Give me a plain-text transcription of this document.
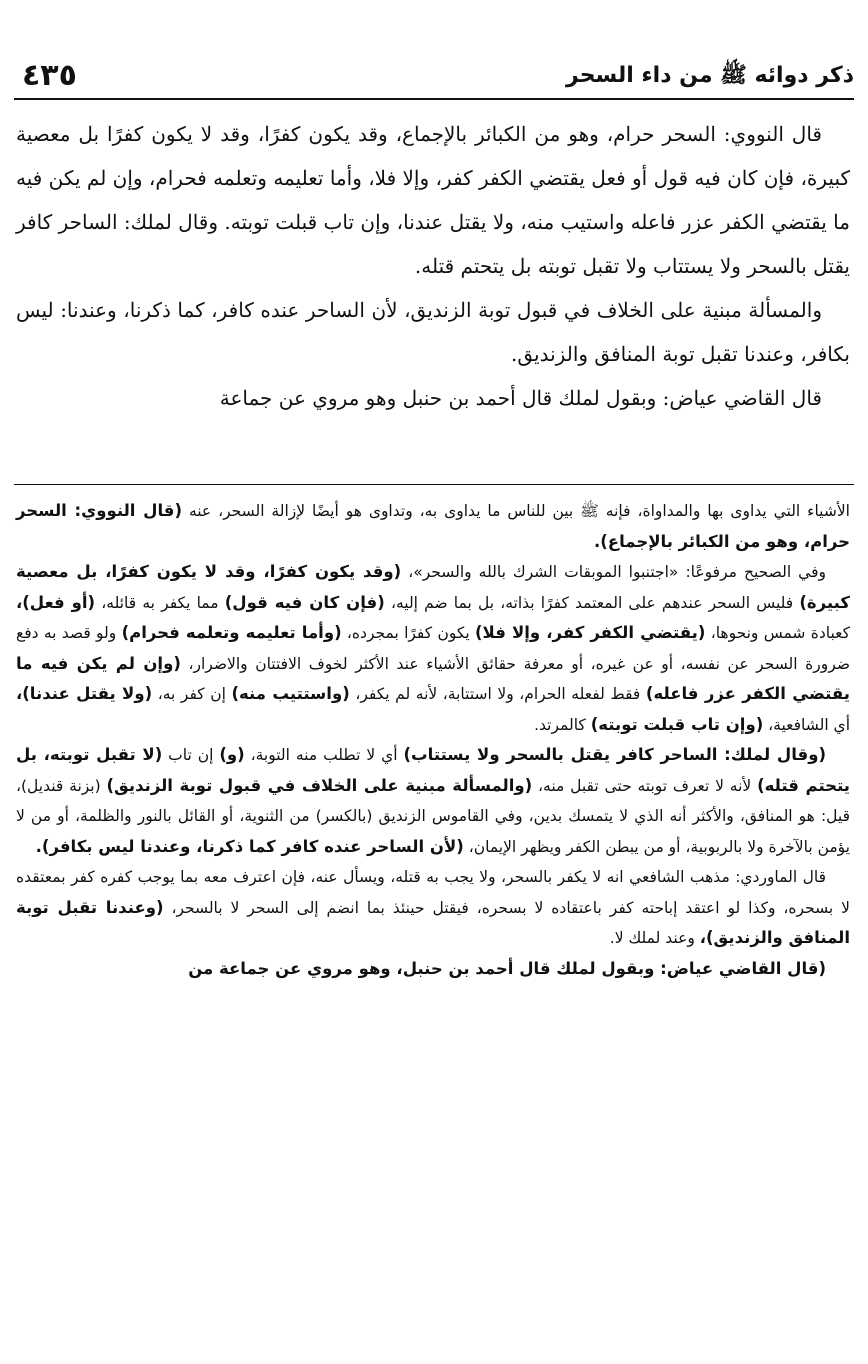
٤٣٥	ذكر دوائه ﷺ من داء السحر

قال النووي: السحر حرام، وهو من الكبائر بالإجماع، وقد يكون كفرًا، وقد لا يكون كفرًا بل معصية كبيرة، فإن كان فيه قول أو فعل يقتضي الكفر كفر، وإلا فلا، وأما تعليمه وتعلمه فحرام، وإن لم يكن فيه ما يقتضي الكفر عزر فاعله واستيب منه، ولا يقتل عندنا، وإن تاب قبلت توبته. وقال لملك: الساحر كافر يقتل بالسحر ولا يستتاب ولا تقبل توبته بل يتحتم قتله.

والمسألة مبنية على الخلاف في قبول توبة الزنديق، لأن الساحر عنده كافر، كما ذكرنا، وعندنا: ليس بكافر، وعندنا تقبل توبة المنافق والزنديق.

قال القاضي عياض: وبقول لملك قال أحمد بن حنبل وهو مروي عن جماعة

الأشياء التي يداوى بها والمداواة، فإنه ﷺ بين للناس ما يداوى به، وتداوى هو أيضًا لإزالة السحر، عنه (قال النووي: السحر حرام، وهو من الكبائر بالإجماع).

وفي الصحيح مرفوعًا: «اجتنبوا الموبقات الشرك بالله والسحر»، (وقد يكون كفرًا، وقد لا يكون كفرًا، بل معصية كبيرة) فليس السحر عندهم على المعتمد كفرًا بذاته، بل بما ضم إليه، (فإن كان فيه قول) مما يكفر به قائله، (أو فعل)، كعبادة شمس ونحوها، (يقتضي الكفر كفر، وإلا فلا) يكون كفرًا بمجرده، (وأما تعليمه وتعلمه فحرام) ولو قصد به دفع ضرورة السحر عن نفسه، أو عن غيره، أو معرفة حقائق الأشياء عند الأكثر لخوف الافتتان والاضرار، (وإن لم يكن فيه ما يقتضي الكفر عزر فاعله) فقط لفعله الحرام، ولا استتابة، لأنه لم يكفر، (واستتيب منه) إن كفر به، (ولا يقتل عندنا)، أي الشافعية، (وإن تاب قبلت توبته) كالمرتد.

(وقال لملك: الساحر كافر يقتل بالسحر ولا يستتاب) أي لا تطلب منه التوبة، (و) إن تاب (لا تقبل توبته، بل يتحتم قتله) لأنه لا تعرف توبته حتى تقبل منه، (والمسألة مبنية على الخلاف في قبول توبة الزنديق) (بزنة قنديل)، قيل: هو المنافق، والأكثر أنه الذي لا يتمسك بدين، وفي القاموس الزنديق (بالكسر) من الثنوية، أو القائل بالنور والظلمة، أو من لا يؤمن بالآخرة ولا بالربوبية، أو من يبطن الكفر ويظهر الإيمان، (لأن الساحر عنده كافر كما ذكرنا، وعندنا ليس بكافر).

قال الماوردي: مذهب الشافعي انه لا يكفر بالسحر، ولا يجب به قتله، ويسأل عنه، فإن اعترف معه بما يوجب كفره كفر بمعتقده لا بسحره، وكذا لو اعتقد إباحته كفر باعتقاده لا بسحره، فيقتل حينئذ بما انضم إلى السحر لا بالسحر، (وعندنا تقبل توبة المنافق والزنديق)، وعند لملك لا.

(قال القاضي عياض: وبقول لملك قال أحمد بن حنبل، وهو مروي عن جماعة من
